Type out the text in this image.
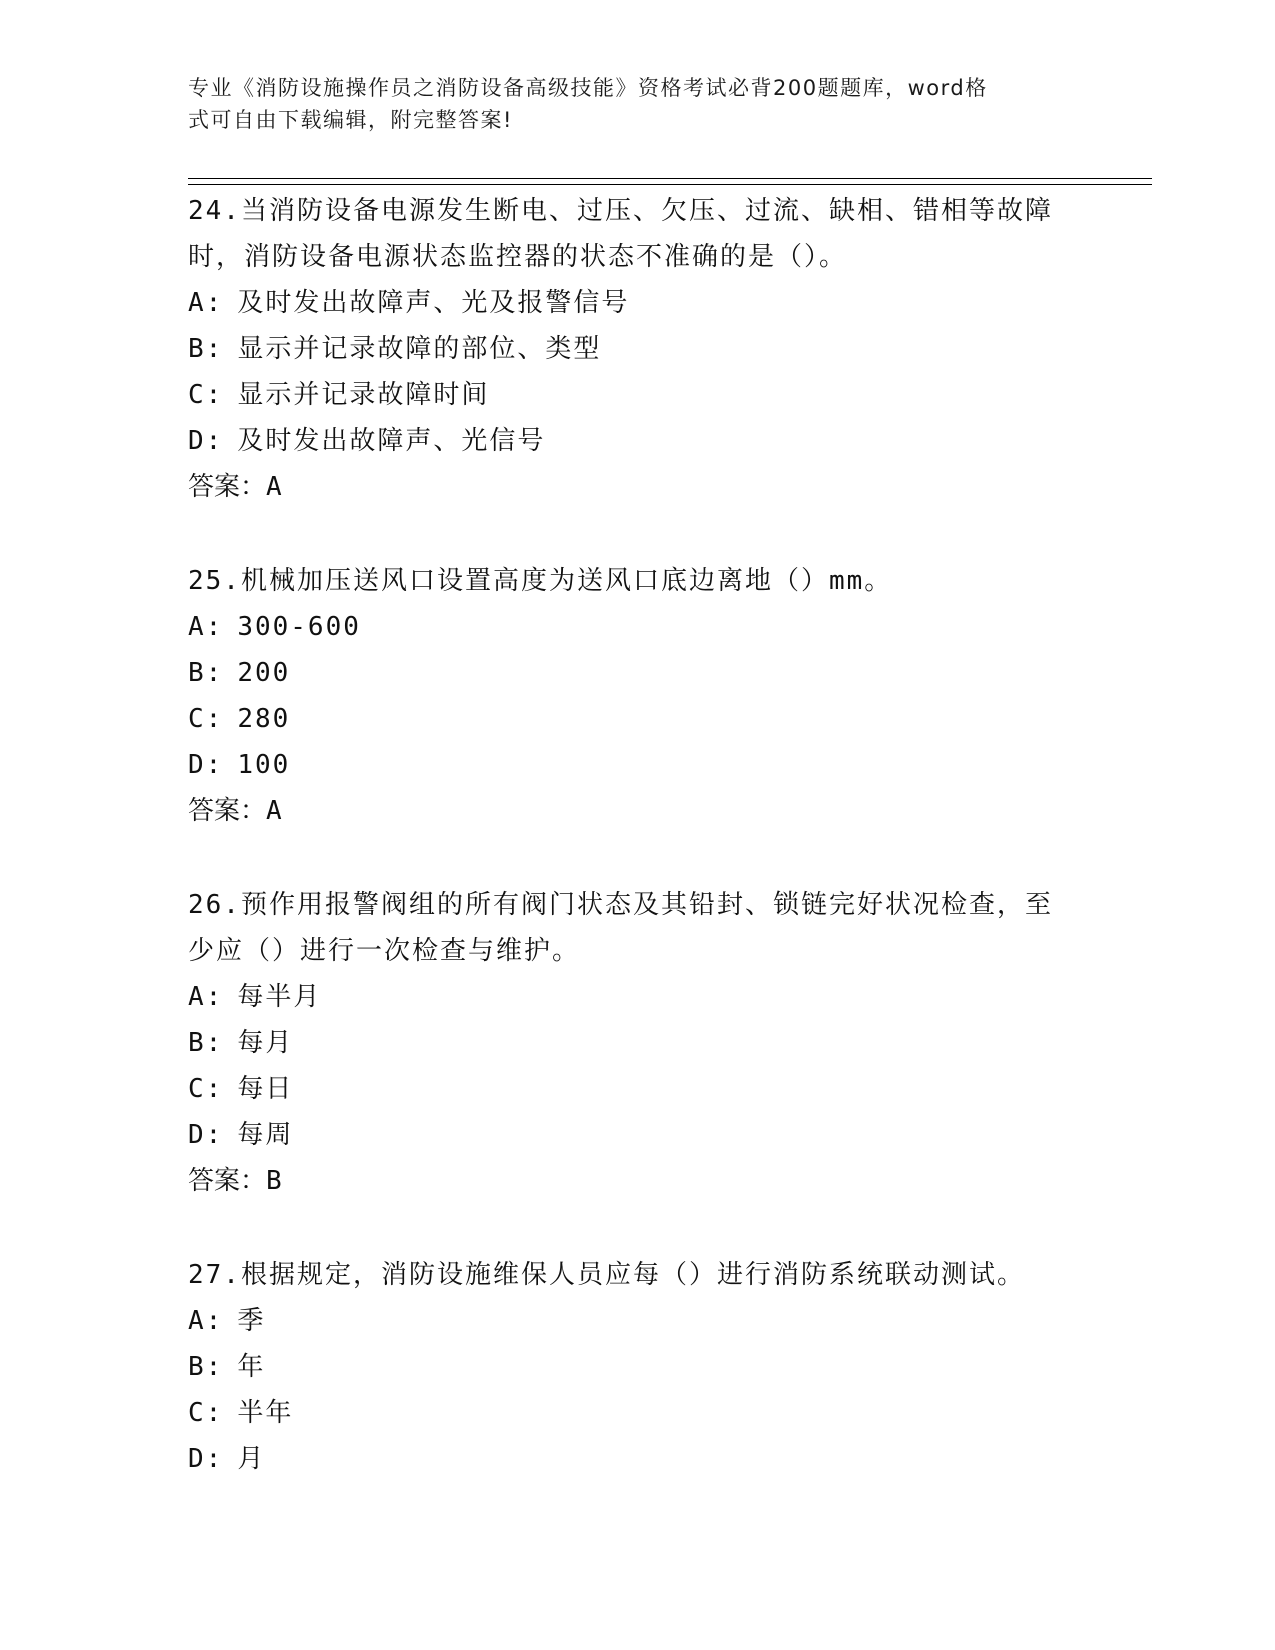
专业《消防设施操作员之消防设备高级技能》资格考试必背200题题库，word格
式可自由下载编辑，附完整答案!

24.当消防设备电源发生断电、过压、欠压、过流、缺相、错相等故障
时，消防设备电源状态监控器的状态不准确的是（）。

A: 及时发出故障声、光及报警信号

B: 显示并记录故障的部位、类型

C: 显示并记录故障时间

D: 及时发出故障声、光信号

答案：A

25.机械加压送风口设置高度为送风口底边离地（）mm。

A: 300-600

B: 200

C: 280

D: 100

答案：A

26.预作用报警阀组的所有阀门状态及其铅封、锁链完好状况检查，至
少应（）进行一次检查与维护。

A: 每半月

B: 每月

C: 每日

D: 每周

答案：B

27.根据规定，消防设施维保人员应每（）进行消防系统联动测试。

A: 季

B: 年

C: 半年

D: 月
